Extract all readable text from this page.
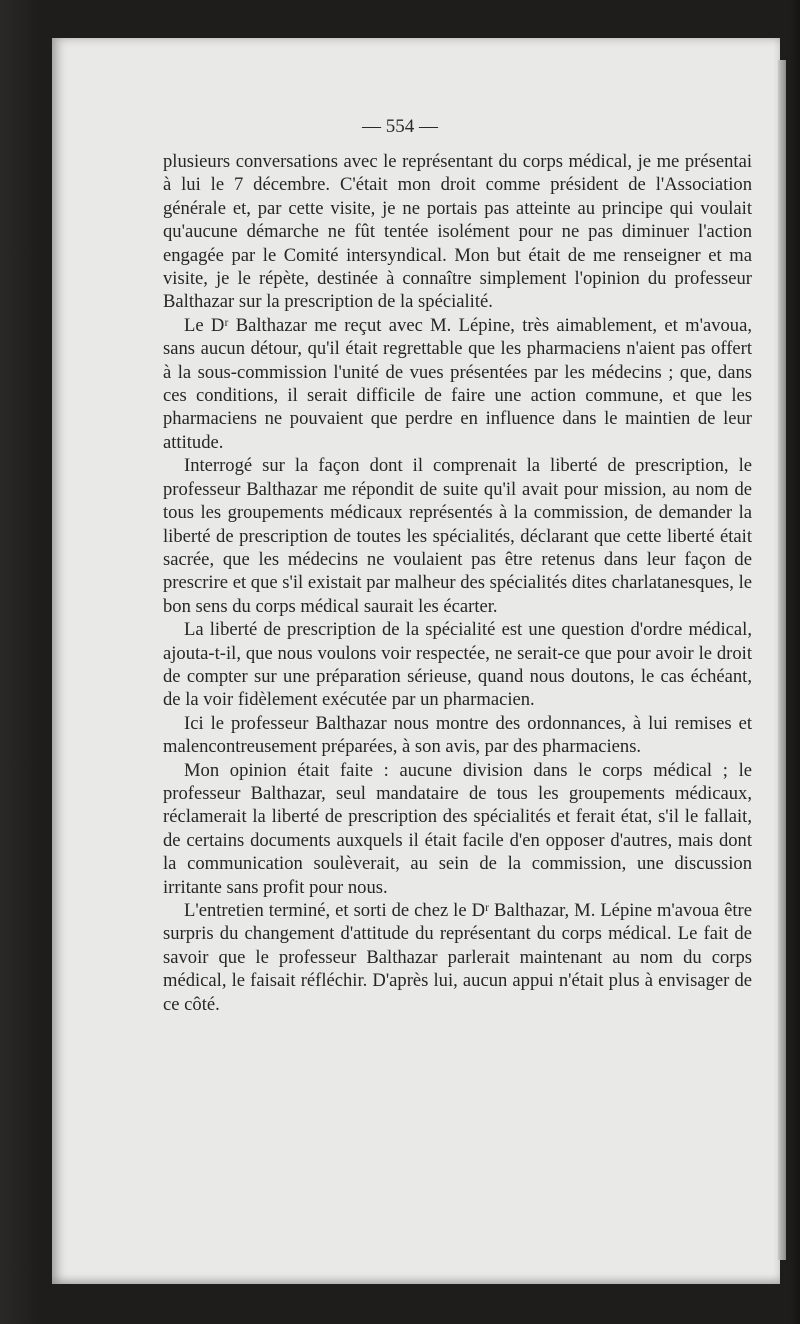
— 554 —

plusieurs conversations avec le représentant du corps médical, je me présentai à lui le 7 décembre. C'était mon droit comme président de l'Association générale et, par cette visite, je ne portais pas atteinte au principe qui voulait qu'aucune démarche ne fût tentée isolément pour ne pas diminuer l'action engagée par le Comité intersyndical. Mon but était de me renseigner et ma visite, je le répète, destinée à connaître simplement l'opinion du professeur Balthazar sur la prescription de la spécialité.

Le Dʳ Balthazar me reçut avec M. Lépine, très aimablement, et m'avoua, sans aucun détour, qu'il était regrettable que les pharmaciens n'aient pas offert à la sous-commission l'unité de vues présentées par les médecins ; que, dans ces conditions, il serait difficile de faire une action commune, et que les pharmaciens ne pouvaient que perdre en influence dans le maintien de leur attitude.

Interrogé sur la façon dont il comprenait la liberté de prescription, le professeur Balthazar me répondit de suite qu'il avait pour mission, au nom de tous les groupements médicaux représentés à la commission, de demander la liberté de prescription de toutes les spécialités, déclarant que cette liberté était sacrée, que les médecins ne voulaient pas être retenus dans leur façon de prescrire et que s'il existait par malheur des spécialités dites charlatanesques, le bon sens du corps médical saurait les écarter.

La liberté de prescription de la spécialité est une question d'ordre médical, ajouta-t-il, que nous voulons voir respectée, ne serait-ce que pour avoir le droit de compter sur une préparation sérieuse, quand nous doutons, le cas échéant, de la voir fidèlement exécutée par un pharmacien.

Ici le professeur Balthazar nous montre des ordonnances, à lui remises et malencontreusement préparées, à son avis, par des pharmaciens.

Mon opinion était faite : aucune division dans le corps médical ; le professeur Balthazar, seul mandataire de tous les groupements médicaux, réclamerait la liberté de prescription des spécialités et ferait état, s'il le fallait, de certains documents auxquels il était facile d'en opposer d'autres, mais dont la communication soulèverait, au sein de la commission, une discussion irritante sans profit pour nous.

L'entretien terminé, et sorti de chez le Dʳ Balthazar, M. Lépine m'avoua être surpris du changement d'attitude du représentant du corps médical. Le fait de savoir que le professeur Balthazar parlerait maintenant au nom du corps médical, le faisait réfléchir. D'après lui, aucun appui n'était plus à envisager de ce côté.
